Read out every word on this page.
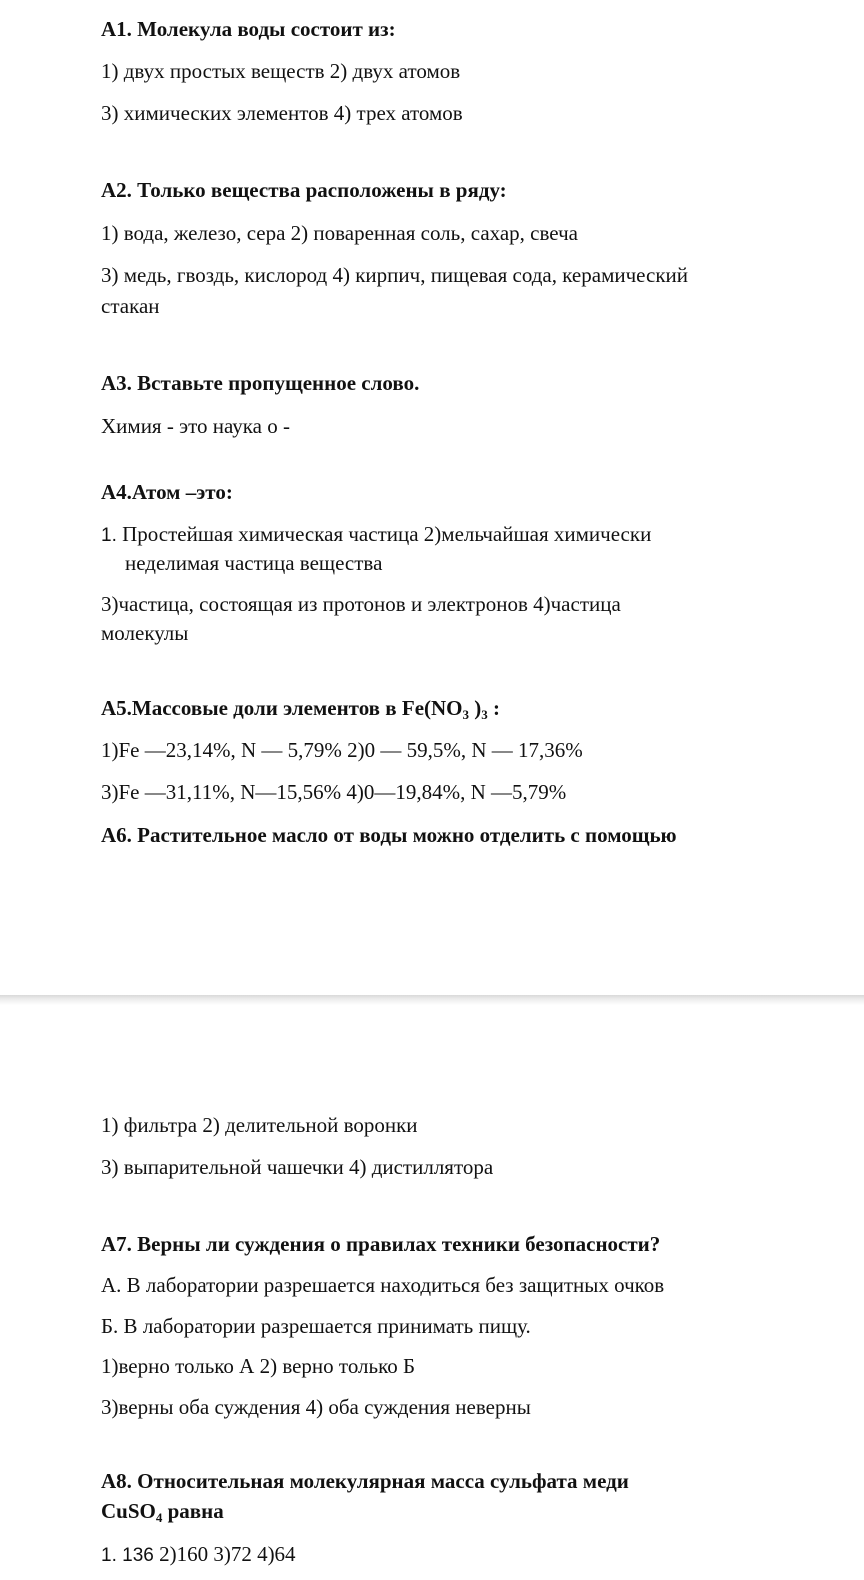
А1. Молекула воды состоит из:
1) двух простых веществ 2) двух атомов
3) химических элементов 4) трех атомов
А2. Только вещества расположены в ряду:
1) вода, железо, сера 2) поваренная соль, сахар, свеча
3) медь, гвоздь, кислород 4) кирпич, пищевая сода, керамический
стакан
А3. Вставьте пропущенное слово.
Химия - это наука о -
А4.Атом –это:
1. Простейшая химическая частица 2)мельчайшая химически
неделимая частица вещества
3)частица, состоящая из протонов и электронов 4)частица
молекулы
А5.Массовые доли элементов в $Fe(NO_3$ )$_3$ :
1)Fe —23,14%, N — 5,79% 2)0 — 59,5%, N — 17,36%
3)Fe —31,11%, N—15,56% 4)0—19,84%, N —5,79%
А6. Растительное масло от воды можно отделить с помощью
1) фильтра 2) делительной воронки
3) выпарительной чашечки 4) дистиллятора
А7. Верны ли суждения о правилах техники безопасности?
А. В лаборатории разрешается находиться без защитных очков
Б. В лаборатории разрешается принимать пищу.
1)верно только А 2) верно только Б
3)верны оба суждения 4) оба суждения неверны
А8. Относительная молекулярная масса сульфата меди
CuSO$_4$ равна
1. 136 2)160 3)72 4)64
